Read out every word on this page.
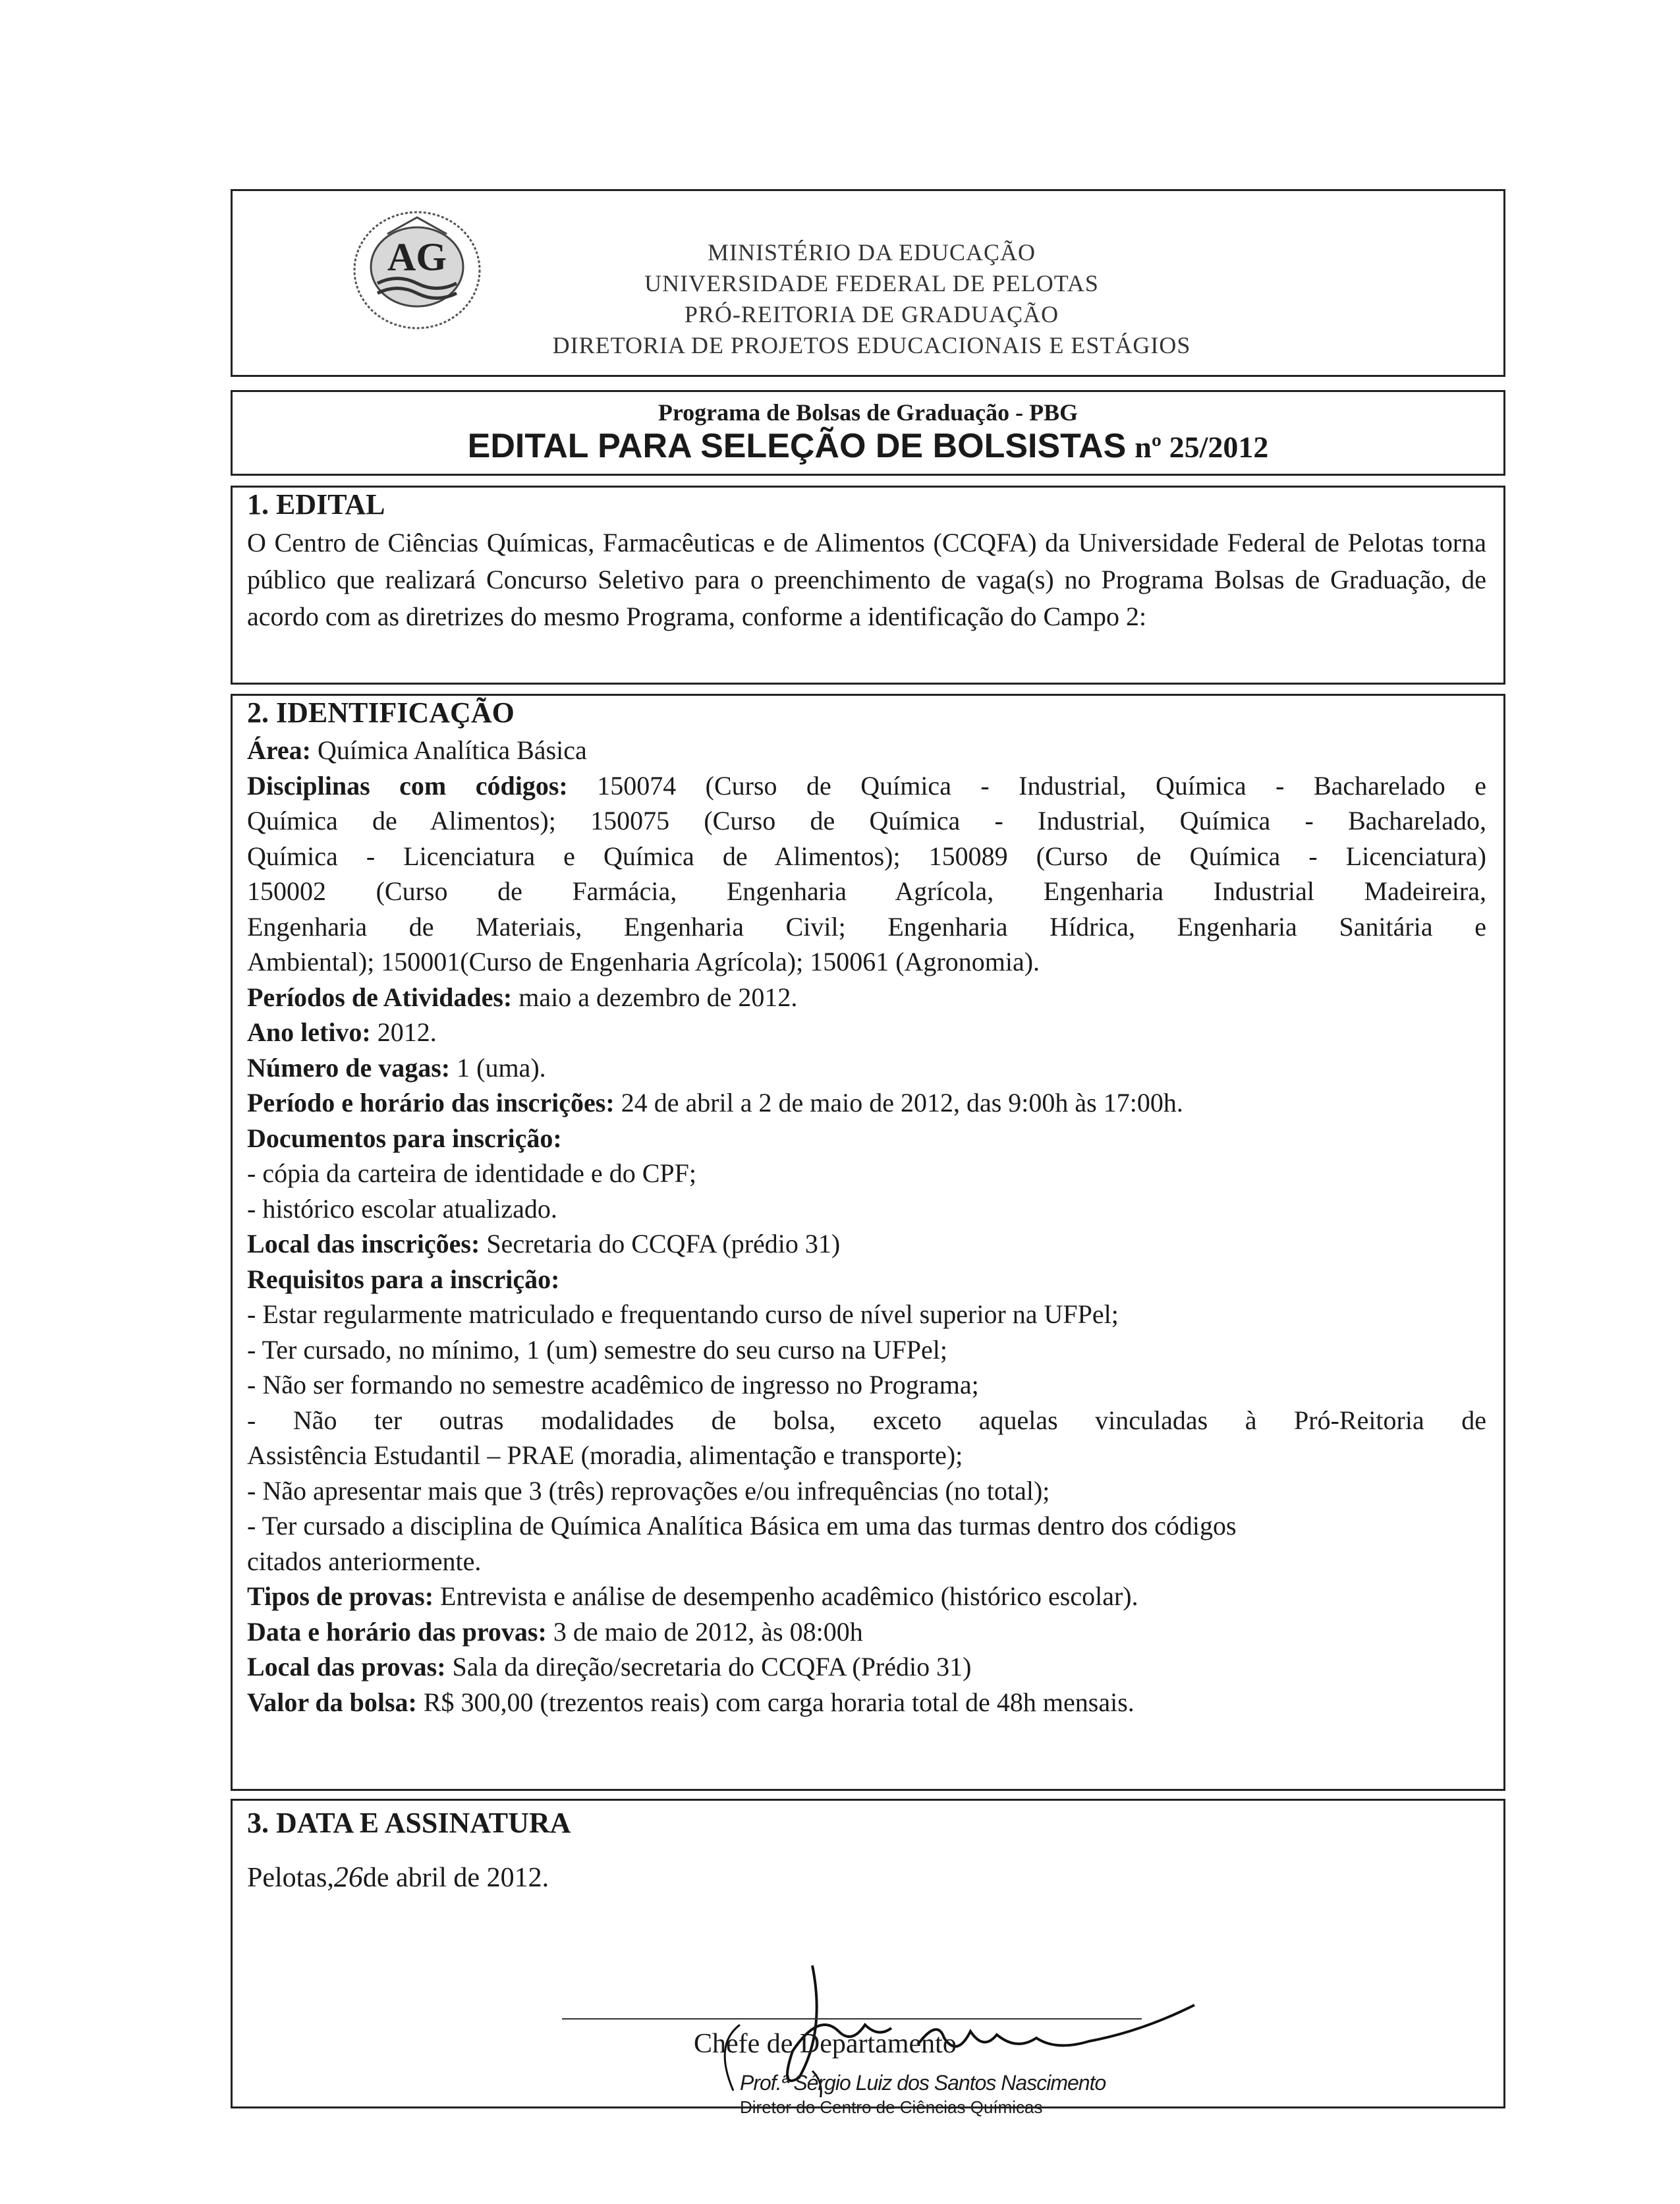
AG	MINISTÉRIO DA EDUCAÇÃO
UNIVERSIDADE FEDERAL DE PELOTAS
PRÓ-REITORIA DE GRADUAÇÃO
DIRETORIA DE PROJETOS EDUCACIONAIS E ESTÁGIOS
Programa de Bolsas de Graduação - PBG
EDITAL PARA SELEÇÃO DE BOLSISTAS nº 25/2012
1. EDITAL
O Centro de Ciências Químicas, Farmacêuticas e de Alimentos (CCQFA) da Universidade Federal de Pelotas torna público que realizará Concurso Seletivo para o preenchimento de vaga(s) no Programa Bolsas de Graduação, de acordo com as diretrizes do mesmo Programa, conforme a identificação do Campo 2:
2. IDENTIFICAÇÃO
Área: Química Analítica Básica
Disciplinas com códigos: 150074 (Curso de Química - Industrial, Química - Bacharelado e
Química de Alimentos); 150075 (Curso de Química - Industrial, Química - Bacharelado,
Química - Licenciatura e Química de Alimentos); 150089 (Curso de Química - Licenciatura)
150002 (Curso de Farmácia, Engenharia Agrícola, Engenharia Industrial Madeireira,
Engenharia de Materiais, Engenharia Civil; Engenharia Hídrica, Engenharia Sanitária e
Ambiental); 150001(Curso de Engenharia Agrícola); 150061 (Agronomia).
Períodos de Atividades: maio a dezembro de 2012.
Ano letivo: 2012.
Número de vagas: 1 (uma).
Período e horário das inscrições: 24 de abril a 2 de maio de 2012, das 9:00h às 17:00h.
Documentos para inscrição:
- cópia da carteira de identidade e do CPF;
- histórico escolar atualizado.
Local das inscrições: Secretaria do CCQFA (prédio 31)
Requisitos para a inscrição:
- Estar regularmente matriculado e frequentando curso de nível superior na UFPel;
- Ter cursado, no mínimo, 1 (um) semestre do seu curso na UFPel;
- Não ser formando no semestre acadêmico de ingresso no Programa;
- Não ter outras modalidades de bolsa, exceto aquelas vinculadas à Pró-Reitoria de
Assistência Estudantil – PRAE (moradia, alimentação e transporte);
- Não apresentar mais que 3 (três) reprovações e/ou infrequências (no total);
- Ter cursado a disciplina de Química Analítica Básica em uma das turmas dentro dos códigos
citados anteriormente.
Tipos de provas: Entrevista e análise de desempenho acadêmico (histórico escolar).
Data e horário das provas: 3 de maio de 2012, às 08:00h
Local das provas: Sala da direção/secretaria do CCQFA (Prédio 31)
Valor da bolsa: R$ 300,00 (trezentos reais) com carga horaria total de 48h mensais.
3. DATA E ASSINATURA
Pelotas,26de abril de 2012.
Chefe de Departamento
Prof.ª Sérgio Luiz dos Santos Nascimento
Diretor do Centro de Ciências Químicas
